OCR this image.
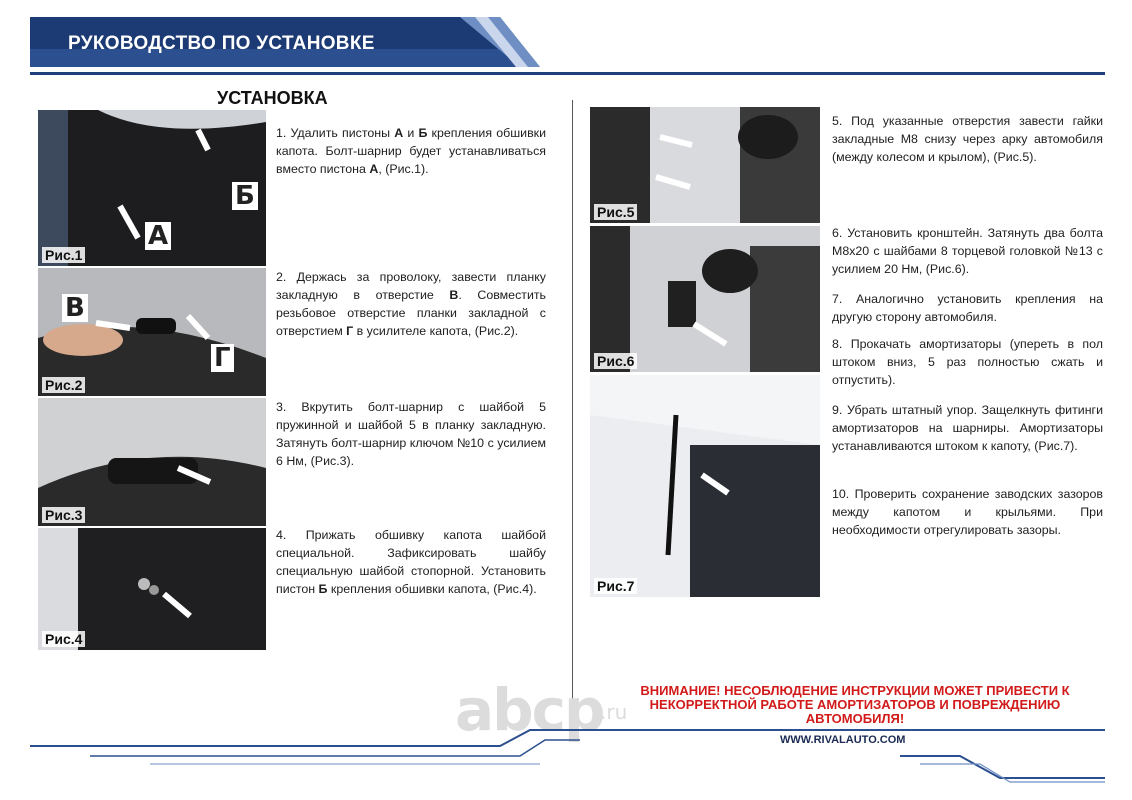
РУКОВОДСТВО ПО УСТАНОВКЕ
УСТАНОВКА
А
Б
Рис.1
В
Г
Рис.2
Рис.3
Рис.4
Рис.5
Рис.6
Рис.7
1. Удалить пистоны А и Б крепления обшивки капота. Болт-шарнир будет устанавливаться вместо пистона А, (Рис.1).
2. Держась за проволоку, завести планку закладную в отверстие В. Совместить резьбовое отверстие планки закладной с отверстием Г в усилителе капота, (Рис.2).
3. Вкрутить болт-шарнир с шайбой 5 пружинной и шайбой 5 в планку закладную. Затянуть болт-шарнир ключом №10 с усилием 6 Нм, (Рис.3).
4. Прижать обшивку капота шайбой специальной. Зафиксировать шайбу специальную шайбой стопорной. Установить пистон Б крепления обшивки капота, (Рис.4).
5. Под указанные отверстия завести гайки закладные М8 снизу через арку автомобиля (между колесом и крылом), (Рис.5).
6. Установить кронштейн. Затянуть два болта М8х20 с шайбами 8 торцевой головкой №13 с усилием 20 Нм, (Рис.6).
7. Аналогично установить крепления на другую сторону автомобиля.
8. Прокачать амортизаторы (упереть в пол штоком вниз, 5 раз полностью сжать и отпустить).
9. Убрать штатный упор. Защелкнуть фитинги амортизаторов на шарниры. Амортизаторы устанавливаются штоком к капоту, (Рис.7).
10. Проверить сохранение заводских зазоров между капотом и крыльями. При необходимости отрегулировать зазоры.
abcp
.ru
ВНИМАНИЕ! НЕСОБЛЮДЕНИЕ ИНСТРУКЦИИ МОЖЕТ ПРИВЕСТИ К НЕКОРРЕКТНОЙ РАБОТЕ АМОРТИЗАТОРОВ И ПОВРЕЖДЕНИЮ АВТОМОБИЛЯ!
WWW.RIVALAUTO.COM
